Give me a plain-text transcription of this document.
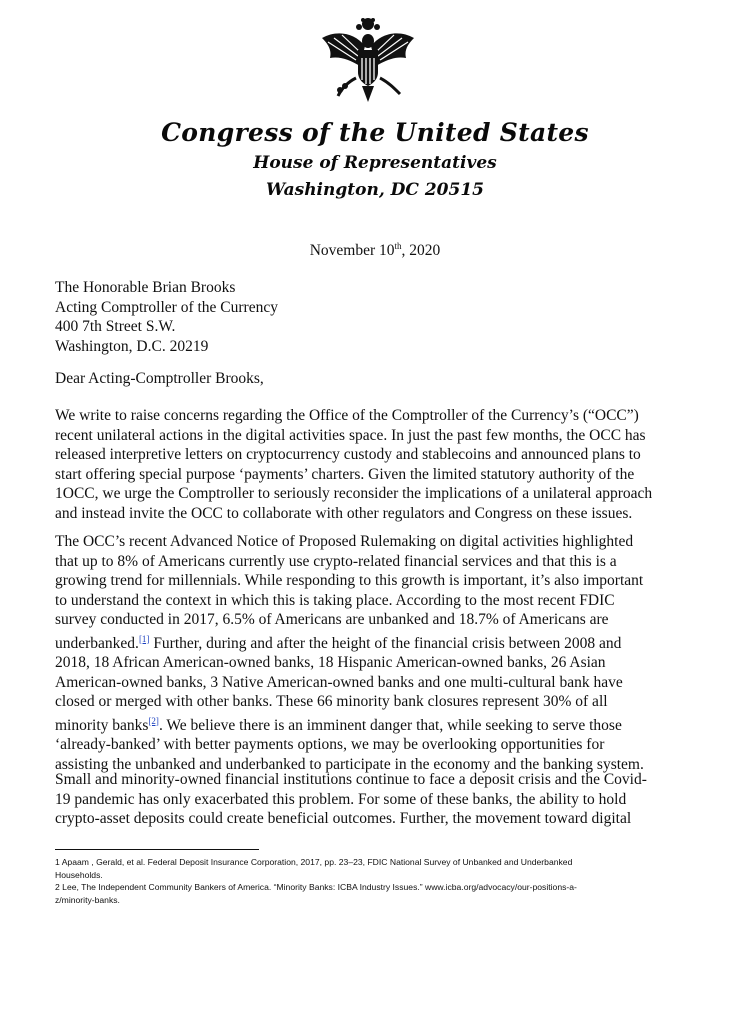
Congress of the United States
House of Representatives
Washington, DC 20515
November 10th, 2020
The Honorable Brian Brooks
Acting Comptroller of the Currency
400 7th Street S.W.
Washington, D.C. 20219
Dear Acting-Comptroller Brooks,
We write to raise concerns regarding the Office of the Comptroller of the Currency’s (“OCC”)
recent unilateral actions in the digital activities space. In just the past few months, the OCC has
released interpretive letters on cryptocurrency custody and stablecoins and announced plans to
start offering special purpose ‘payments’ charters. Given the limited statutory authority of the
1OCC, we urge the Comptroller to seriously reconsider the implications of a unilateral approach
and instead invite the OCC to collaborate with other regulators and Congress on these issues.
The OCC’s recent Advanced Notice of Proposed Rulemaking on digital activities highlighted
that up to 8% of Americans currently use crypto-related financial services and that this is a
growing trend for millennials. While responding to this growth is important, it’s also important
to understand the context in which this is taking place. According to the most recent FDIC
survey conducted in 2017, 6.5% of Americans are unbanked and 18.7% of Americans are
underbanked.[1] Further, during and after the height of the financial crisis between 2008 and
2018, 18 African American-owned banks, 18 Hispanic American-owned banks, 26 Asian
American-owned banks, 3 Native American-owned banks and one multi-cultural bank have
closed or merged with other banks. These 66 minority bank closures represent 30% of all
minority banks[2]. We believe there is an imminent danger that, while seeking to serve those
‘already-banked’ with better payments options, we may be overlooking opportunities for
assisting the unbanked and underbanked to participate in the economy and the banking system.
Small and minority-owned financial institutions continue to face a deposit crisis and the Covid-
19 pandemic has only exacerbated this problem. For some of these banks, the ability to hold
crypto-asset deposits could create beneficial outcomes. Further, the movement toward digital
1 Apaam , Gerald, et al. Federal Deposit Insurance Corporation, 2017, pp. 23–23, FDIC National Survey of Unbanked and Underbanked
Households.
2 Lee, The Independent Community Bankers of America. “Minority Banks: ICBA Industry Issues.” www.icba.org/advocacy/our-positions-a-
z/minority-banks.
